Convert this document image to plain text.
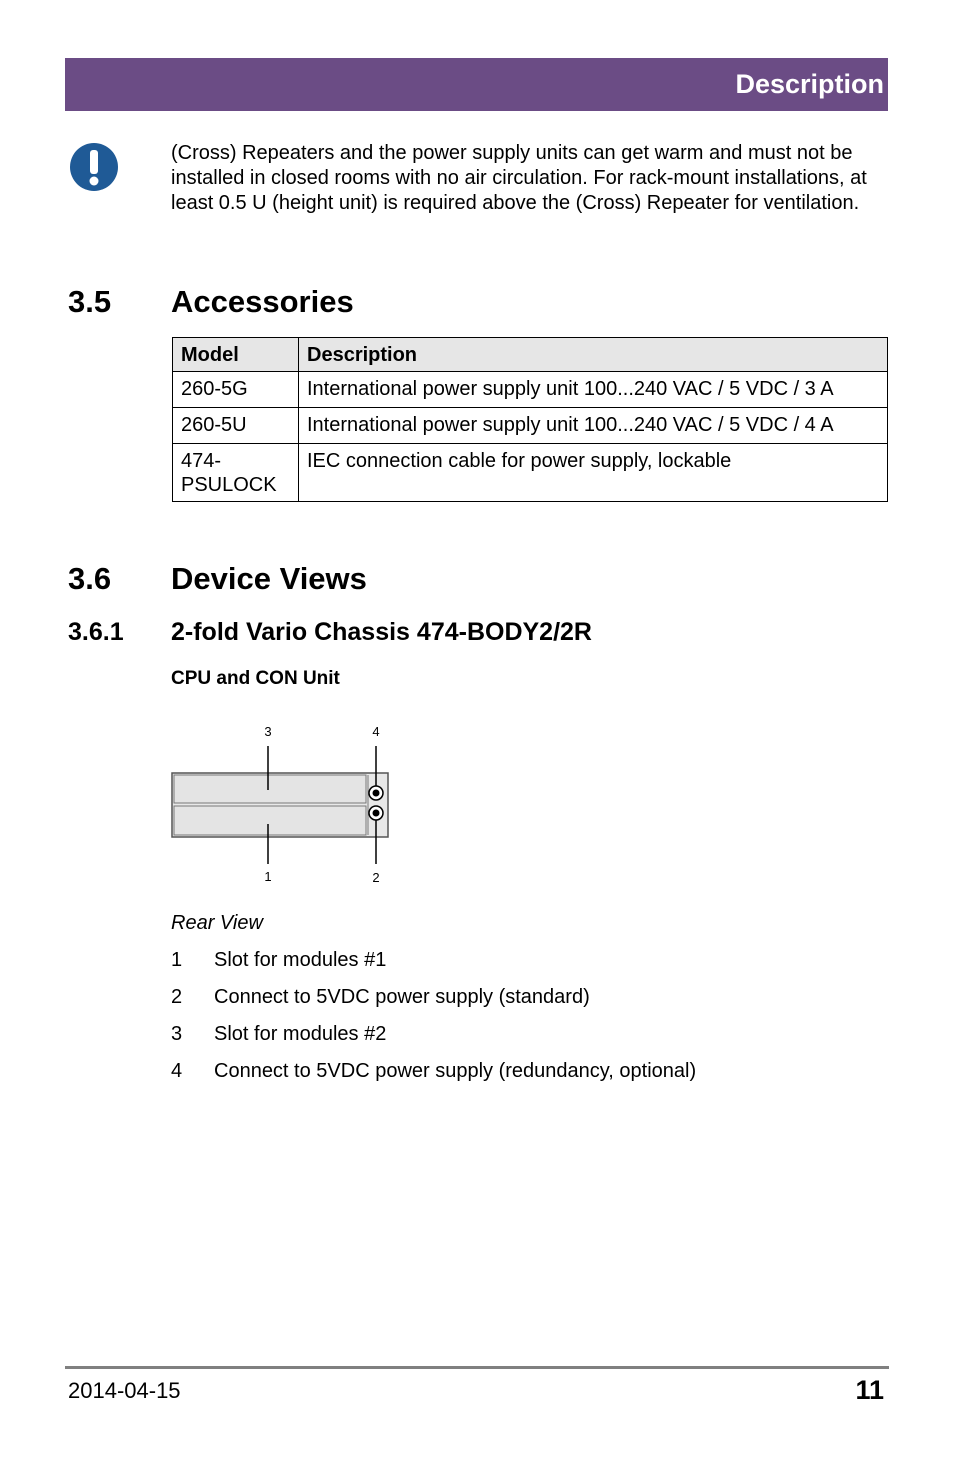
Description

(Cross) Repeaters and the power supply units can get warm and must not be installed in closed rooms with no air circulation. For rack-mount installations, at least 0.5 U (height unit) is required above the (Cross) Repeater for ventilation.

3.5 Accessories
Model	Description
260-5G	International power supply unit 100...240 VAC / 5 VDC / 3 A
260-5U	International power supply unit 100...240 VAC / 5 VDC / 4 A
474-
PSULOCK	IEC connection cable for power supply, lockable
3.6 Device Views
3.6.1 2-fold Vario Chassis 474-BODY2/2R

CPU and CON Unit

3	4
1	2

Rear View

1 Slot for modules #1
2 Connect to 5VDC power supply (standard)
3 Slot for modules #2
4 Connect to 5VDC power supply (redundancy, optional)
2014-04-15	11
